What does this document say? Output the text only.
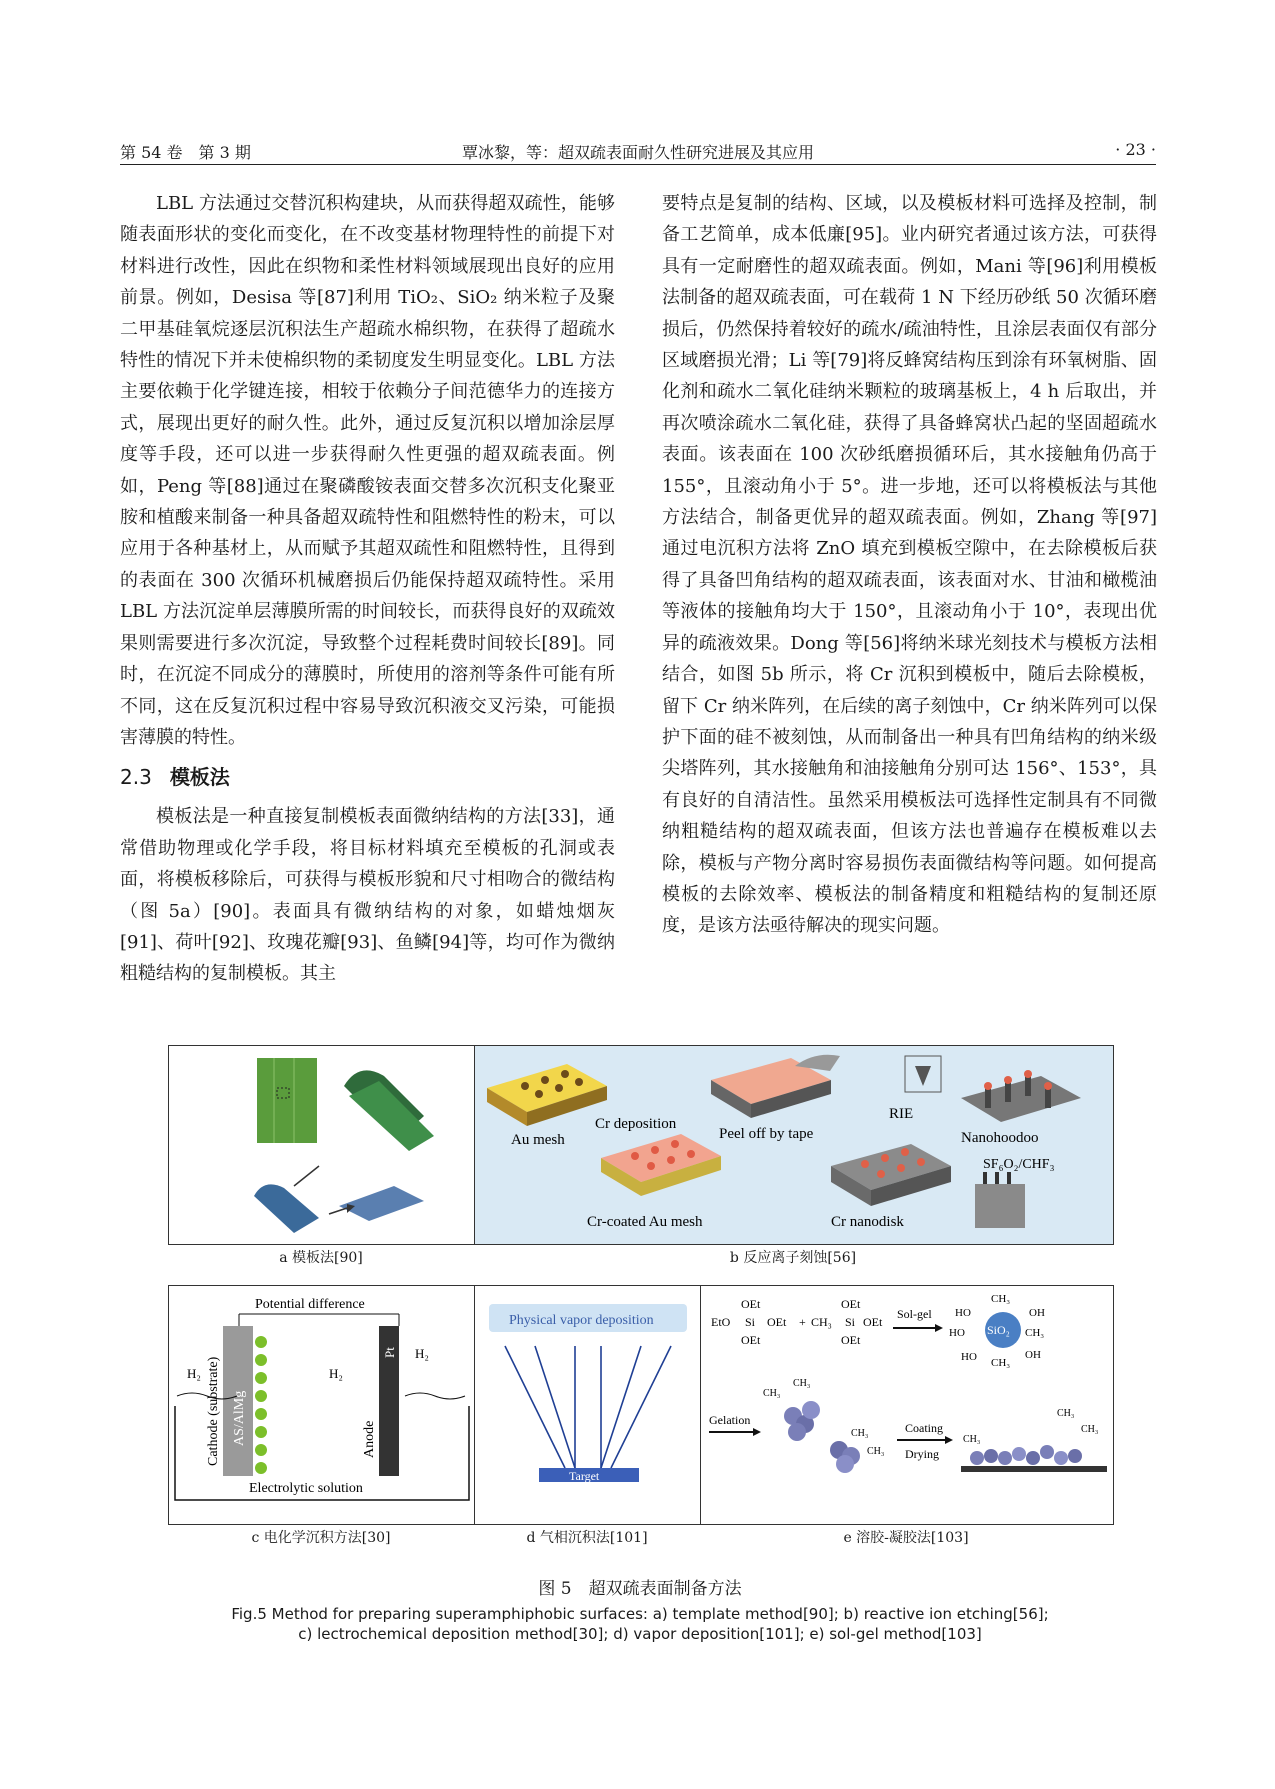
第 54 卷　第 3 期	覃冰黎，等：超双疏表面耐久性研究进展及其应用	· 23 ·

LBL 方法通过交替沉积构建块，从而获得超双疏性，能够随表面形状的变化而变化，在不改变基材物理特性的前提下对材料进行改性，因此在织物和柔性材料领域展现出良好的应用前景。例如，Desisa 等[87]利用 TiO₂、SiO₂ 纳米粒子及聚二甲基硅氧烷逐层沉积法生产超疏水棉织物，在获得了超疏水特性的情况下并未使棉织物的柔韧度发生明显变化。LBL 方法主要依赖于化学键连接，相较于依赖分子间范德华力的连接方式，展现出更好的耐久性。此外，通过反复沉积以增加涂层厚度等手段，还可以进一步获得耐久性更强的超双疏表面。例如，Peng 等[88]通过在聚磷酸铵表面交替多次沉积支化聚亚胺和植酸来制备一种具备超双疏特性和阻燃特性的粉末，可以应用于各种基材上，从而赋予其超双疏性和阻燃特性，且得到的表面在 300 次循环机械磨损后仍能保持超双疏特性。采用 LBL 方法沉淀单层薄膜所需的时间较长，而获得良好的双疏效果则需要进行多次沉淀，导致整个过程耗费时间较长[89]。同时，在沉淀不同成分的薄膜时，所使用的溶剂等条件可能有所不同，这在反复沉积过程中容易导致沉积液交叉污染，可能损害薄膜的特性。

2.3 模板法

模板法是一种直接复制模板表面微纳结构的方法[33]，通常借助物理或化学手段，将目标材料填充至模板的孔洞或表面，将模板移除后，可获得与模板形貌和尺寸相吻合的微结构（图 5a）[90]。表面具有微纳结构的对象，如蜡烛烟灰[91]、荷叶[92]、玫瑰花瓣[93]、鱼鳞[94]等，均可作为微纳粗糙结构的复制模板。其主

要特点是复制的结构、区域，以及模板材料可选择及控制，制备工艺简单，成本低廉[95]。业内研究者通过该方法，可获得具有一定耐磨性的超双疏表面。例如，Mani 等[96]利用模板法制备的超双疏表面，可在载荷 1 N 下经历砂纸 50 次循环磨损后，仍然保持着较好的疏水/疏油特性，且涂层表面仅有部分区域磨损光滑；Li 等[79]将反蜂窝结构压到涂有环氧树脂、固化剂和疏水二氧化硅纳米颗粒的玻璃基板上，4 h 后取出，并再次喷涂疏水二氧化硅，获得了具备蜂窝状凸起的坚固超疏水表面。该表面在 100 次砂纸磨损循环后，其水接触角仍高于 155°，且滚动角小于 5°。进一步地，还可以将模板法与其他方法结合，制备更优异的超双疏表面。例如，Zhang 等[97]通过电沉积方法将 ZnO 填充到模板空隙中，在去除模板后获得了具备凹角结构的超双疏表面，该表面对水、甘油和橄榄油等液体的接触角均大于 150°，且滚动角小于 10°，表现出优异的疏液效果。Dong 等[56]将纳米球光刻技术与模板方法相结合，如图 5b 所示，将 Cr 沉积到模板中，随后去除模板，留下 Cr 纳米阵列，在后续的离子刻蚀中，Cr 纳米阵列可以保护下面的硅不被刻蚀，从而制备出一种具有凹角结构的纳米级尖塔阵列，其水接触角和油接触角分别可达 156°、153°，具有良好的自清洁性。虽然采用模板法可选择性定制具有不同微纳粗糙结构的超双疏表面，但该方法也普遍存在模板难以去除，模板与产物分离时容易损伤表面微结构等问题。如何提高模板的去除效率、模板法的制备精度和粗糙结构的复制还原度，是该方法亟待解决的现实问题。

a 模板法[90]
Au mesh
Cr deposition
Cr-coated Au mesh
Peel off by tape
Cr nanodisk
RIE
Nanohoodoo
SF₆O₂/CHF₃
b 反应离子刻蚀[56]
Potential difference
Cathode (substrate) AS/AlMg
Pt
Anode
H₂	H₂
H₂
Electrolytic solution
c 电化学沉积方法[30]
Physical vapor deposition
Target
d 气相沉积法[101]
OEt
EtO Si OEt
OEt
+ CH₃
OEt
Si OEt
OEt
Sol-gel
SiO₂
CH₃
HO	OH
HO	CH₃
HO CH₃
OH
Gelation
CH₃
CH₃
CH₃
CH₃
Coating
Drying
CH₃
CH₃
CH₃
e 溶胶-凝胶法[103]
图 5　超双疏表面制备方法
Fig.5 Method for preparing superamphiphobic surfaces: a) template method[90]; b) reactive ion etching[56];
c) lectrochemical deposition method[30]; d) vapor deposition[101]; e) sol-gel method[103]
